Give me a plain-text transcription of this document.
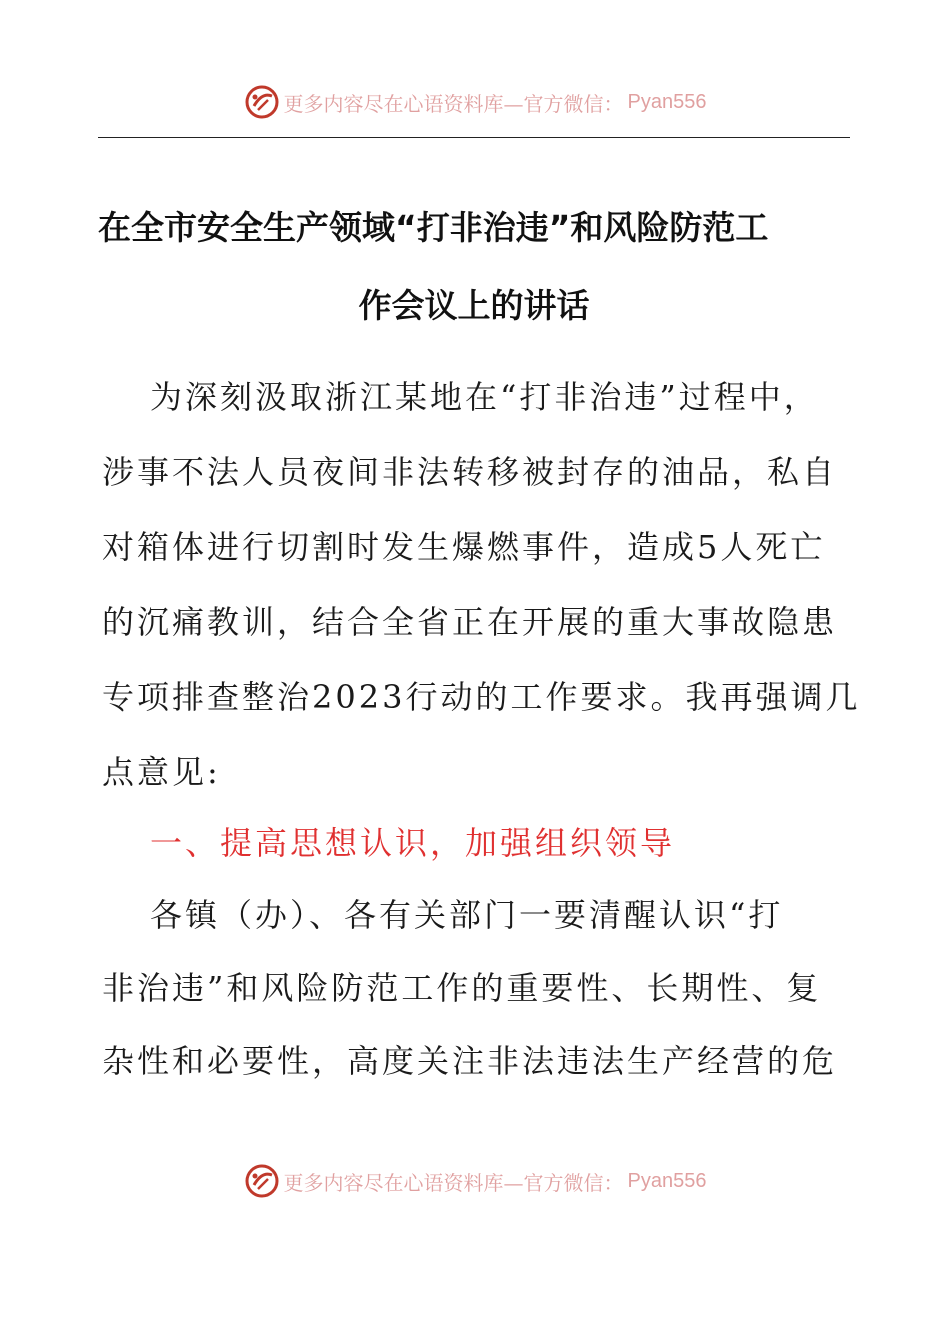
更多内容尽在心语资料库—官方微信： Pyan556
在全市安全生产领域“打非治违”和风险防范工
作会议上的讲话
为深刻汲取浙江某地在“打非治违”过程中，
涉事不法人员夜间非法转移被封存的油品，私自
对箱体进行切割时发生爆燃事件，造成5人死亡
的沉痛教训，结合全省正在开展的重大事故隐患
专项排查整治2023行动的工作要求。我再强调几
点意见:
一、提高思想认识，加强组织领导
各镇（办）、各有关部门一要清醒认识“打
非治违”和风险防范工作的重要性、长期性、复
杂性和必要性，高度关注非法违法生产经营的危
更多内容尽在心语资料库—官方微信： Pyan556
